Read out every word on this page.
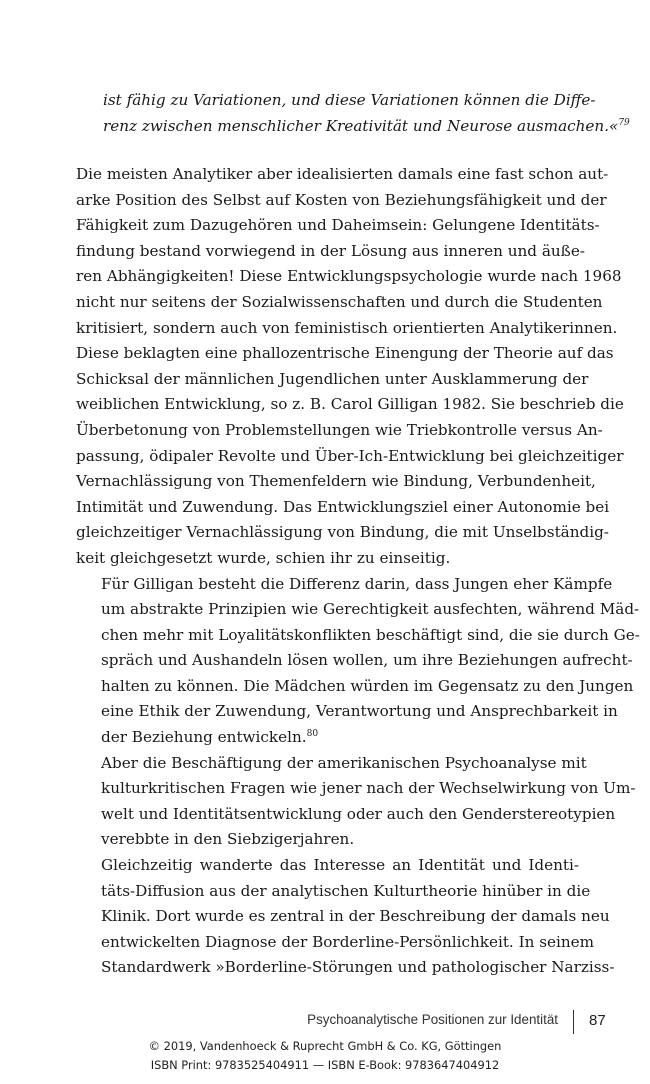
ist fähig zu Variationen, und diese Variationen können die Diffe-
renz zwischen menschlicher Kreativität und Neurose ausmachen.«$^{79}$

Die meisten Analytiker aber idealisierten damals eine fast schon aut-
arke Position des Selbst auf Kosten von Beziehungsfähigkeit und der
Fähigkeit zum Dazugehören und Daheimsein: Gelungene Identitäts-
findung bestand vorwiegend in der Lösung aus inneren und äuße-
ren Abhängigkeiten! Diese Entwicklungspsychologie wurde nach 1968
nicht nur seitens der Sozialwissenschaften und durch die Studenten
kritisiert, sondern auch von feministisch orientierten Analytikerinnen.
Diese beklagten eine phallozentrische Einengung der Theorie auf das
Schicksal der männlichen Jugendlichen unter Ausklammerung der
weiblichen Entwicklung, so z. B. Carol Gilligan 1982. Sie beschrieb die
Überbetonung von Problemstellungen wie Triebkontrolle versus An-
passung, ödipaler Revolte und Über-Ich-Entwicklung bei gleichzeitiger
Vernachlässigung von Themenfeldern wie Bindung, Verbundenheit,
Intimität und Zuwendung. Das Entwicklungsziel einer Autonomie bei
gleichzeitiger Vernachlässigung von Bindung, die mit Unselbständig-
keit gleichgesetzt wurde, schien ihr zu einseitig.

Für Gilligan besteht die Differenz darin, dass Jungen eher Kämpfe
um abstrakte Prinzipien wie Gerechtigkeit ausfechten, während Mäd-
chen mehr mit Loyalitätskonflikten beschäftigt sind, die sie durch Ge-
spräch und Aushandeln lösen wollen, um ihre Beziehungen aufrecht-
halten zu können. Die Mädchen würden im Gegensatz zu den Jungen
eine Ethik der Zuwendung, Verantwortung und Ansprechbarkeit in
der Beziehung entwickeln.$^{80}$

Aber die Beschäftigung der amerikanischen Psychoanalyse mit
kulturkritischen Fragen wie jener nach der Wechselwirkung von Um-
welt und Identitätsentwicklung oder auch den Genderstereotypien
verebbte in den Siebzigerjahren.

Gleichzeitig wanderte das Interesse an Identität und Identi-
täts-Diffusion aus der analytischen Kulturtheorie hinüber in die
Klinik. Dort wurde es zentral in der Beschreibung der damals neu
entwickelten Diagnose der Borderline-Persönlichkeit. In seinem
Standardwerk »Borderline-Störungen und pathologischer Narziss-

Psychoanalytische Positionen zur Identität 87
© 2019, Vandenhoeck & Ruprecht GmbH & Co. KG, Göttingen
ISBN Print: 9783525404911 — ISBN E-Book: 9783647404912
